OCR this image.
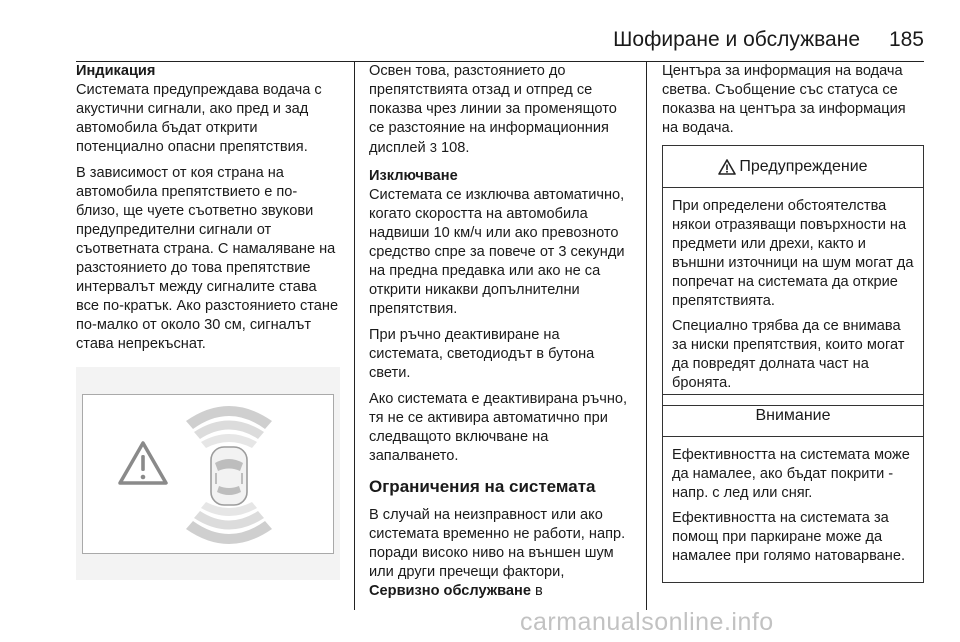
Шофиране и обслужване 185
Индикация

Системата предупреждава водача с акустични сигнали, ако пред и зад автомобила бъдат открити потенциално опасни препятствия.

В зависимост от коя страна на автомобила препятствието е по-близо, ще чуете съответно звукови предупредителни сигнали от съответната страна. С намаляване на разстоянието до това препятствие интервалът между сигналите става все по-кратък. Ако разстоянието стане по-малко от около 30 см, сигналът става непрекъснат.

Освен това, разстоянието до препятствията отзад и отпред се показва чрез линии за променящото се разстояние на информационния дисплей 3 108.

Изключване

Системата се изключва автоматично, когато скоростта на автомобила надвиши 10 км/ч или ако превозното средство спре за повече от 3 секунди на предна предавка или ако не са открити никакви допълнителни препятствия.

При ръчно деактивиране на системата, светодиодът в бутона свети.

Ако системата е деактивирана ръчно, тя не се активира автоматично при следващото включване на запалването.

Ограничения на системата

В случай на неизправност или ако системата временно не работи, напр. поради високо ниво на външен шум или други пречещи фактори, Сервизно обслужване в

Центъра за информация на водача светва. Съобщение със статуса се показва на центъра за информация на водача.

Предупреждение

При определени обстоятелства някои отразяващи повърхности на предмети или дрехи, както и външни източници на шум могат да попречат на системата да открие препятствията.

Специално трябва да се внимава за ниски препятствия, които могат да повредят долната част на бронята.

Внимание

Ефективността на системата може да намалее, ако бъдат покрити - напр. с лед или сняг.

Ефективността на системата за помощ при паркиране може да намалее при голямо натоварване.

carmanualsonline.info
